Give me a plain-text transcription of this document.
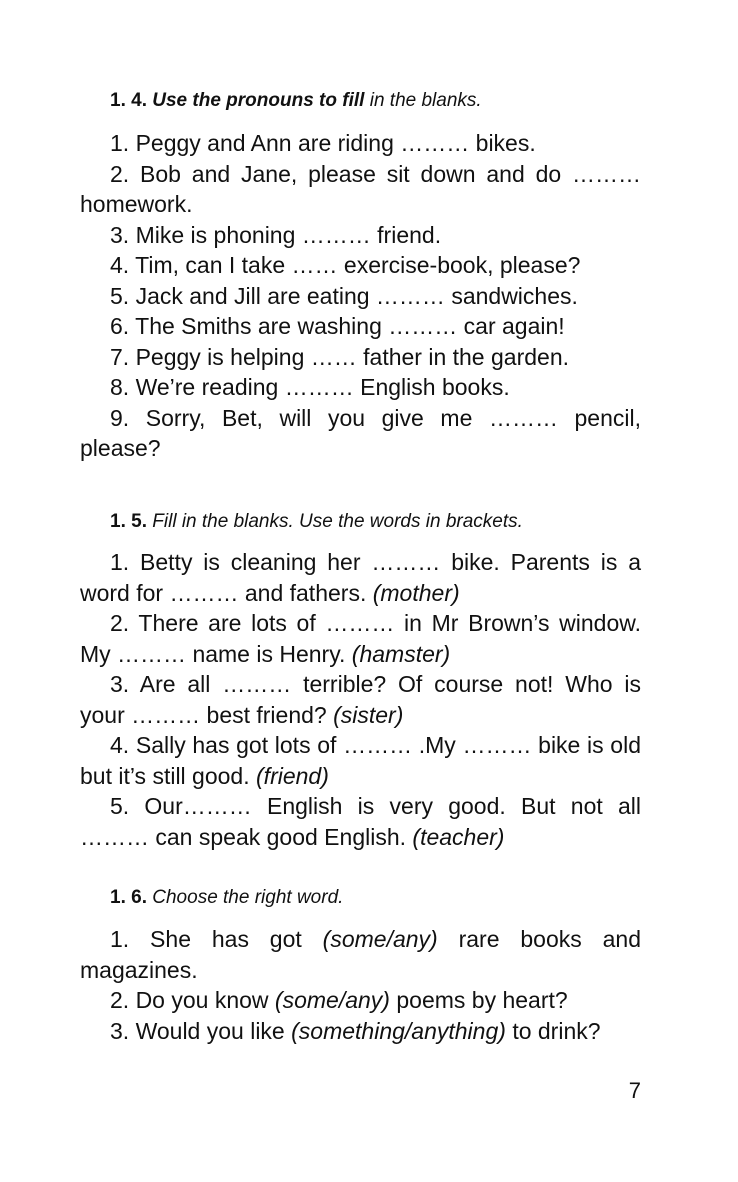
1. 4. Use the pronouns to fill in the blanks.

1. Peggy and Ann are riding ……… bikes.

2. Bob and Jane, please sit down and do ……… homework.

3. Mike is phoning ……… friend.

4. Tim, can I take …… exercise-book, please?

5. Jack and Jill are eating ……… sandwiches.

6. The Smiths are washing ……… car again!

7. Peggy is helping …… father in the garden.

8. We’re reading ……… English books.

9. Sorry, Bet, will you give me ……… pencil, please?

1. 5. Fill in the blanks. Use the words in brackets.

1. Betty is cleaning her ……… bike. Parents is a word for ……… and fathers. (mother)

2. There are lots of ……… in Mr Brown’s window. My ……… name is Henry. (hamster)

3. Are all ……… terrible? Of course not! Who is your ……… best friend? (sister)

4. Sally has got lots of ……… .My ……… bike is old but it’s still good. (friend)

5. Our……… English is very good. But not all ……… can speak good English. (teacher)

1. 6. Choose the right word.

1. She has got (some/any) rare books and magazines.

2. Do you know (some/any) poems by heart?

3. Would you like (something/anything) to drink?

7
